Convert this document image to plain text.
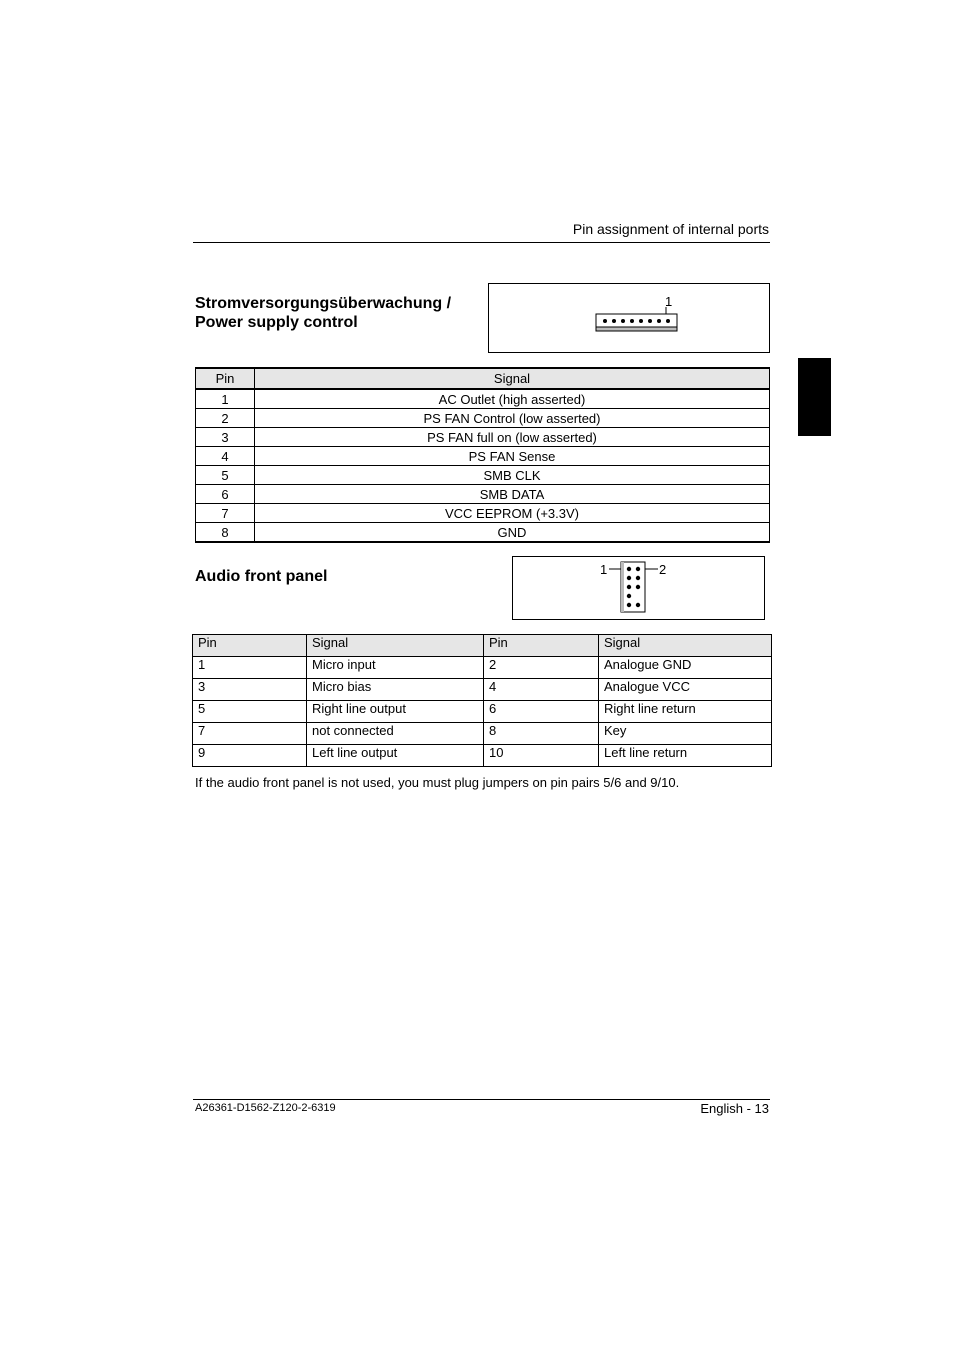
Pin assignment of internal ports
Stromversorgungsüberwachung /
Power supply control
1
Pin	Signal
1	AC Outlet (high asserted)
2	PS FAN Control (low asserted)
3	PS FAN full on (low asserted)
4	PS FAN Sense
5	SMB CLK
6	SMB DATA
7	VCC EEPROM (+3.3V)
8	GND
Audio front panel	1	2
Pin	Signal	Pin	Signal
1	Micro input	2	Analogue GND
3	Micro bias	4	Analogue VCC
5	Right line output	6	Right line return
7	not connected	8	Key
9	Left line output	10	Left line return
If the audio front panel is not used, you must plug jumpers on pin pairs 5/6 and 9/10.
A26361-D1562-Z120-2-6319	English - 13
